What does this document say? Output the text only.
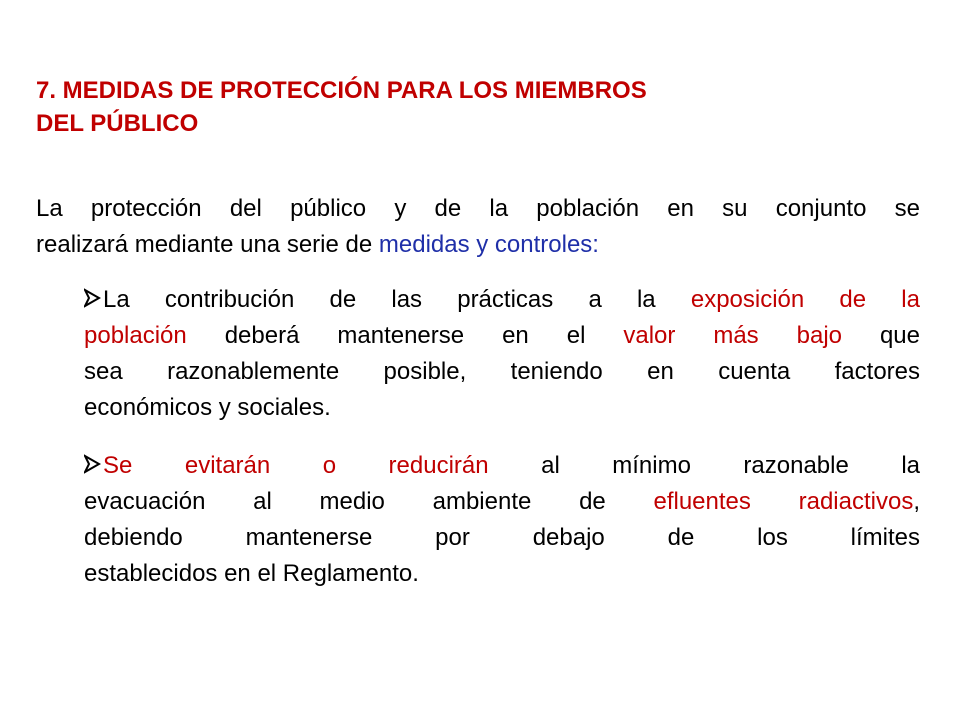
7. MEDIDAS DE PROTECCIÓN PARA LOS MIEMBROS
DEL PÚBLICO

La protección del público y de la población en su conjunto se
realizará mediante una serie de medidas y controles:

La contribución de las prácticas a la exposición de la
población deberá mantenerse en el valor más bajo que
sea razonablemente posible, teniendo en cuenta factores
económicos y sociales.
Se evitarán o reducirán al mínimo razonable la
evacuación al medio ambiente de efluentes radiactivos,
debiendo mantenerse por debajo de los límites
establecidos en el Reglamento.
